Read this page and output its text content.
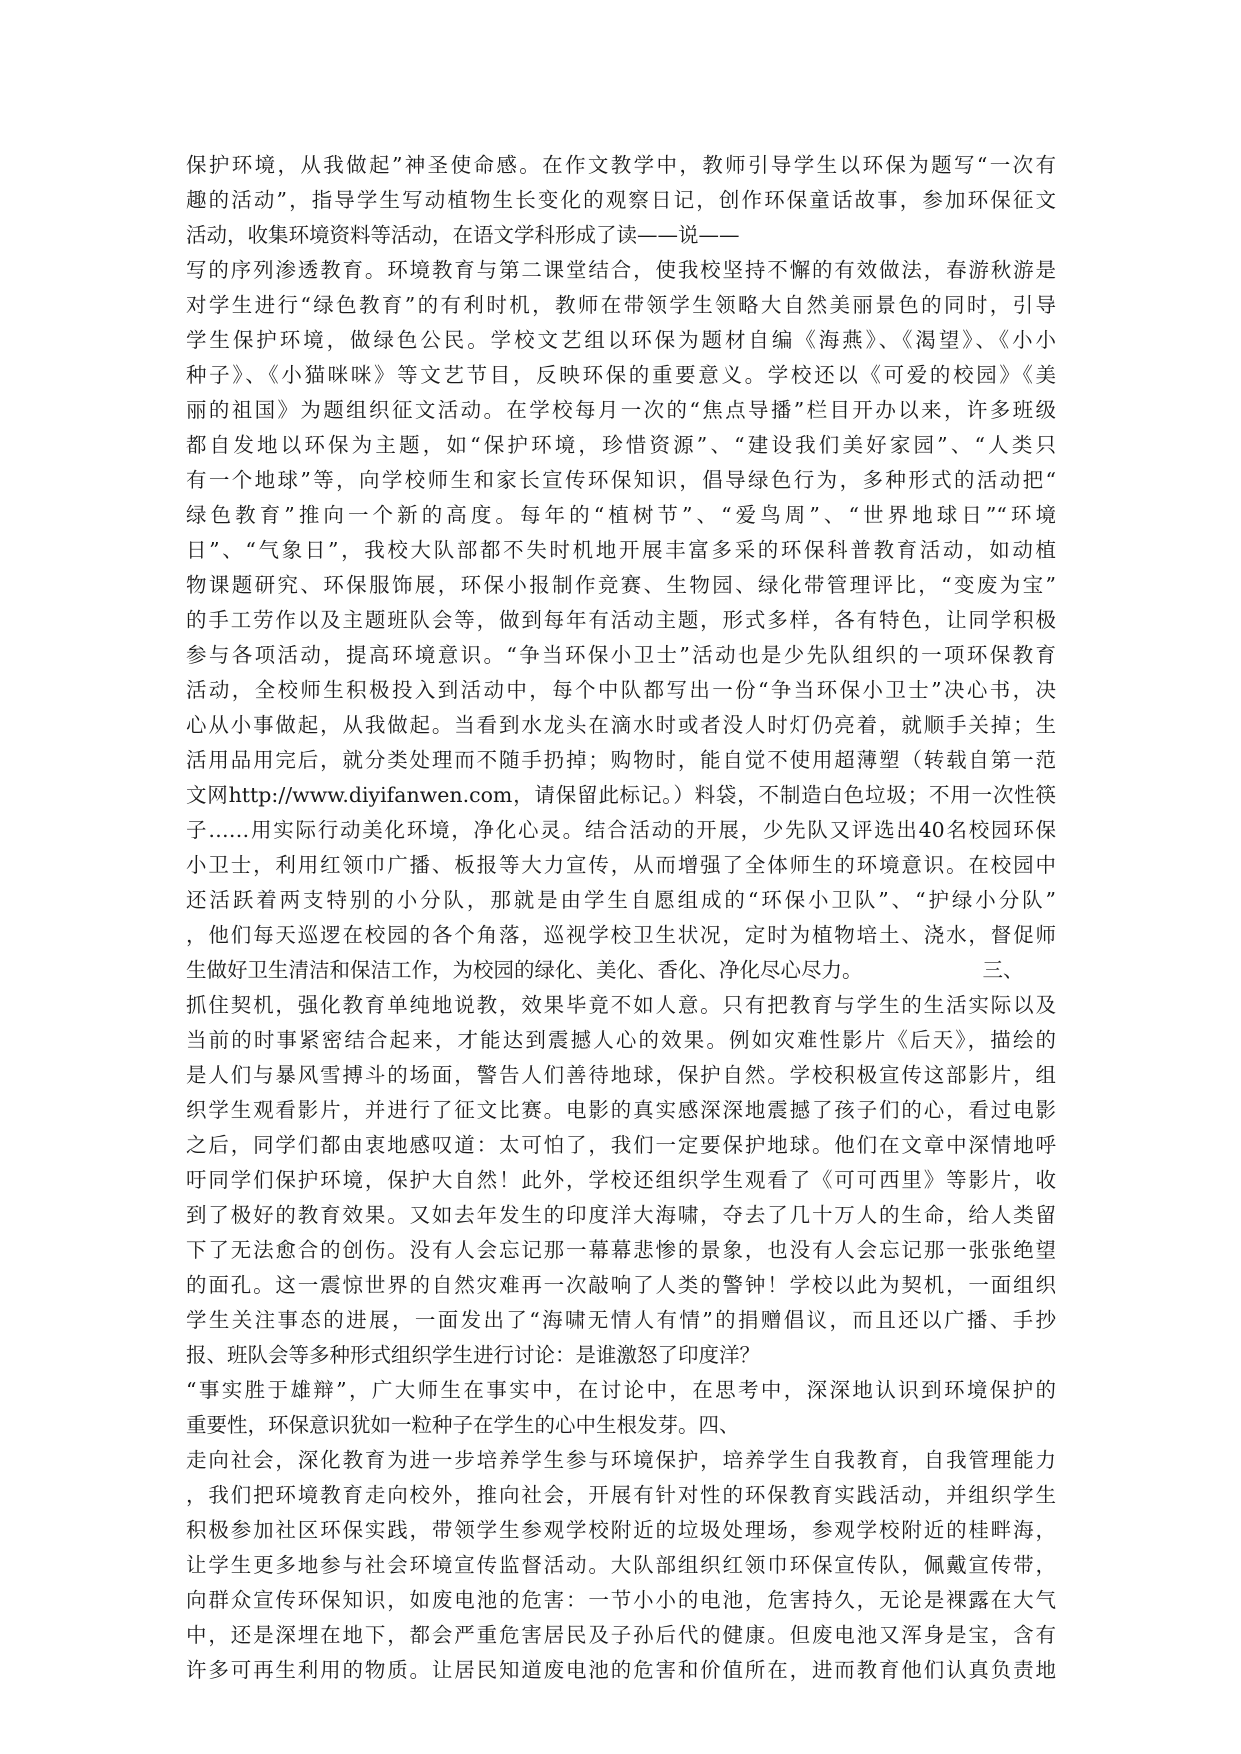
保护环境，从我做起”神圣使命感。在作文教学中，教师引导学生以环保为题写“一次有
趣的活动”，指导学生写动植物生长变化的观察日记，创作环保童话故事，参加环保征文
活动，收集环境资料等活动，在语文学科形成了读——说——
写的序列渗透教育。环境教育与第二课堂结合，使我校坚持不懈的有效做法，春游秋游是
对学生进行“绿色教育”的有利时机，教师在带领学生领略大自然美丽景色的同时，引导
学生保护环境，做绿色公民。学校文艺组以环保为题材自编《海燕》、《渴望》、《小小
种子》、《小猫咪咪》等文艺节目，反映环保的重要意义。学校还以《可爱的校园》《美
丽的祖国》为题组织征文活动。在学校每月一次的“焦点导播”栏目开办以来，许多班级
都自发地以环保为主题，如“保护环境，珍惜资源”、“建设我们美好家园”、“人类只
有一个地球”等，向学校师生和家长宣传环保知识，倡导绿色行为，多种形式的活动把“
绿色教育”推向一个新的高度。每年的“植树节”、“爱鸟周”、“世界地球日”“环境
日”、“气象日”，我校大队部都不失时机地开展丰富多采的环保科普教育活动，如动植
物课题研究、环保服饰展，环保小报制作竞赛、生物园、绿化带管理评比，“变废为宝”
的手工劳作以及主题班队会等，做到每年有活动主题，形式多样，各有特色，让同学积极
参与各项活动，提高环境意识。“争当环保小卫士”活动也是少先队组织的一项环保教育
活动，全校师生积极投入到活动中，每个中队都写出一份“争当环保小卫士”决心书，决
心从小事做起，从我做起。当看到水龙头在滴水时或者没人时灯仍亮着，就顺手关掉；生
活用品用完后，就分类处理而不随手扔掉；购物时，能自觉不使用超薄塑（转载自第一范
文网http://www.diyifanwen.com，请保留此标记。）料袋，不制造白色垃圾；不用一次性筷
子……用实际行动美化环境，净化心灵。结合活动的开展，少先队又评选出40名校园环保
小卫士，利用红领巾广播、板报等大力宣传，从而增强了全体师生的环境意识。在校园中
还活跃着两支特别的小分队，那就是由学生自愿组成的“环保小卫队”、“护绿小分队”
，他们每天巡逻在校园的各个角落，巡视学校卫生状况，定时为植物培土、浇水，督促师
生做好卫生清洁和保洁工作，为校园的绿化、美化、香化、净化尽心尽力。	三、
抓住契机，强化教育单纯地说教，效果毕竟不如人意。只有把教育与学生的生活实际以及
当前的时事紧密结合起来，才能达到震撼人心的效果。例如灾难性影片《后天》，描绘的
是人们与暴风雪搏斗的场面，警告人们善待地球，保护自然。学校积极宣传这部影片，组
织学生观看影片，并进行了征文比赛。电影的真实感深深地震撼了孩子们的心，看过电影
之后，同学们都由衷地感叹道：太可怕了，我们一定要保护地球。他们在文章中深情地呼
吁同学们保护环境，保护大自然！此外，学校还组织学生观看了《可可西里》等影片，收
到了极好的教育效果。又如去年发生的印度洋大海啸，夺去了几十万人的生命，给人类留
下了无法愈合的创伤。没有人会忘记那一幕幕悲惨的景象，也没有人会忘记那一张张绝望
的面孔。这一震惊世界的自然灾难再一次敲响了人类的警钟！学校以此为契机，一面组织
学生关注事态的进展，一面发出了“海啸无情人有情”的捐赠倡议，而且还以广播、手抄
报、班队会等多种形式组织学生进行讨论：是谁激怒了印度洋？
“事实胜于雄辩”，广大师生在事实中，在讨论中，在思考中，深深地认识到环境保护的
重要性，环保意识犹如一粒种子在学生的心中生根发芽。四、
走向社会，深化教育为进一步培养学生参与环境保护，培养学生自我教育，自我管理能力
，我们把环境教育走向校外，推向社会，开展有针对性的环保教育实践活动，并组织学生
积极参加社区环保实践，带领学生参观学校附近的垃圾处理场，参观学校附近的桂畔海，
让学生更多地参与社会环境宣传监督活动。大队部组织红领巾环保宣传队，佩戴宣传带，
向群众宣传环保知识，如废电池的危害：一节小小的电池，危害持久，无论是裸露在大气
中，还是深埋在地下，都会严重危害居民及子孙后代的健康。但废电池又浑身是宝，含有
许多可再生利用的物质。让居民知道废电池的危害和价值所在，进而教育他们认真负责地
